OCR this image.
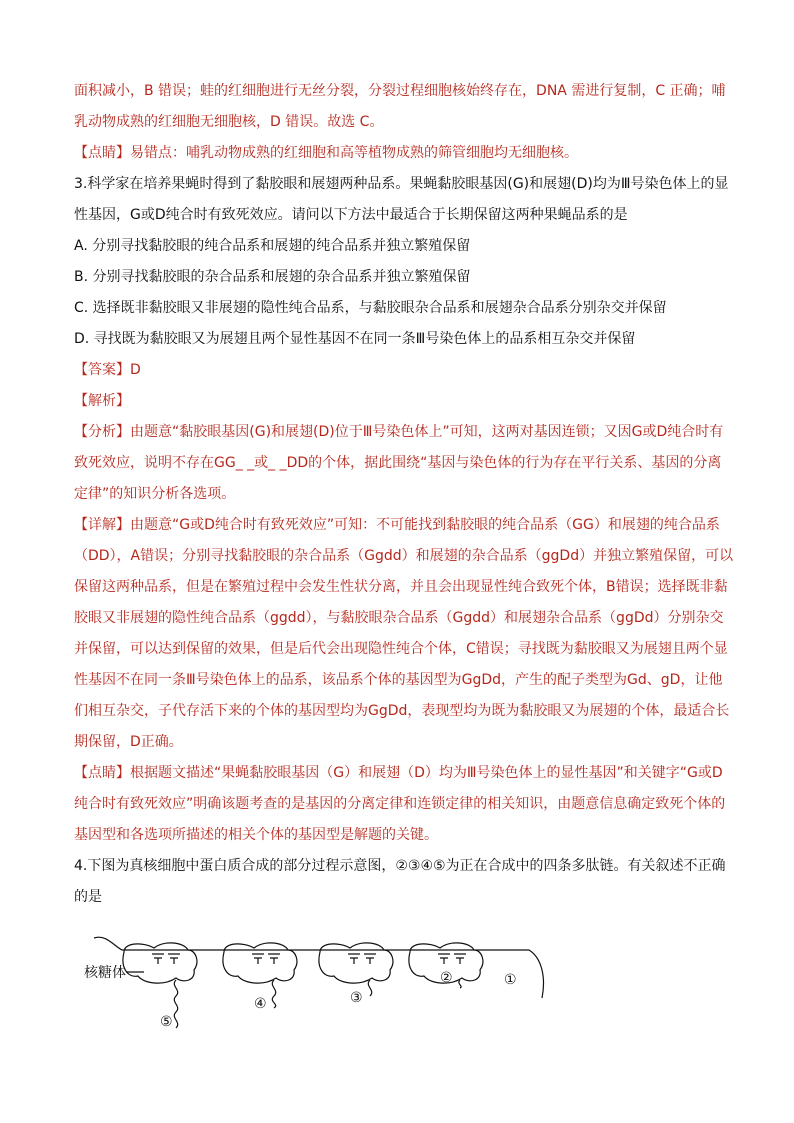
面积减小，B 错误；蛙的红细胞进行无丝分裂，分裂过程细胞核始终存在，DNA 需进行复制，C 正确；哺乳动物成熟的红细胞无细胞核，D 错误。故选 C。

【点睛】易错点：哺乳动物成熟的红细胞和高等植物成熟的筛管细胞均无细胞核。

3.科学家在培养果蝇时得到了黏胶眼和展翅两种品系。果蝇黏胶眼基因(G)和展翅(D)均为Ⅲ号染色体上的显性基因，G或D纯合时有致死效应。请问以下方法中最适合于长期保留这两种果蝇品系的是

A. 分别寻找黏胶眼的纯合品系和展翅的纯合品系并独立繁殖保留

B. 分别寻找黏胶眼的杂合品系和展翅的杂合品系并独立繁殖保留

C. 选择既非黏胶眼又非展翅的隐性纯合品系，与黏胶眼杂合品系和展翅杂合品系分别杂交并保留

D. 寻找既为黏胶眼又为展翅且两个显性基因不在同一条Ⅲ号染色体上的品系相互杂交并保留

【答案】D

【解析】

【分析】由题意“黏胶眼基因(G)和展翅(D)位于Ⅲ号染色体上”可知，这两对基因连锁；又因G或D纯合时有致死效应，说明不存在GG_ _或_ _DD的个体，据此围绕“基因与染色体的行为存在平行关系、基因的分离定律”的知识分析各选项。

【详解】由题意“G或D纯合时有致死效应”可知：不可能找到黏胶眼的纯合品系（GG）和展翅的纯合品系（DD），A错误；分别寻找黏胶眼的杂合品系（Ggdd）和展翅的杂合品系（ggDd）并独立繁殖保留，可以保留这两种品系，但是在繁殖过程中会发生性状分离，并且会出现显性纯合致死个体，B错误；选择既非黏胶眼又非展翅的隐性纯合品系（ggdd），与黏胶眼杂合品系（Ggdd）和展翅杂合品系（ggDd）分别杂交并保留，可以达到保留的效果，但是后代会出现隐性纯合个体，C错误；寻找既为黏胶眼又为展翅且两个显性基因不在同一条Ⅲ号染色体上的品系，该品系个体的基因型为GgDd，产生的配子类型为Gd、gD，让他们相互杂交，子代存活下来的个体的基因型均为GgDd，表现型均为既为黏胶眼又为展翅的个体，最适合长期保留，D正确。

【点睛】根据题文描述“果蝇黏胶眼基因（G）和展翅（D）均为Ⅲ号染色体上的显性基因”和关键字“G或D纯合时有致死效应”明确该题考查的是基因的分离定律和连锁定律的相关知识，由题意信息确定致死个体的基因型和各选项所描述的相关个体的基因型是解题的关键。

4.下图为真核细胞中蛋白质合成的部分过程示意图，②③④⑤为正在合成中的四条多肽链。有关叙述不正确的是

核糖体	①
②
③
④
⑤
